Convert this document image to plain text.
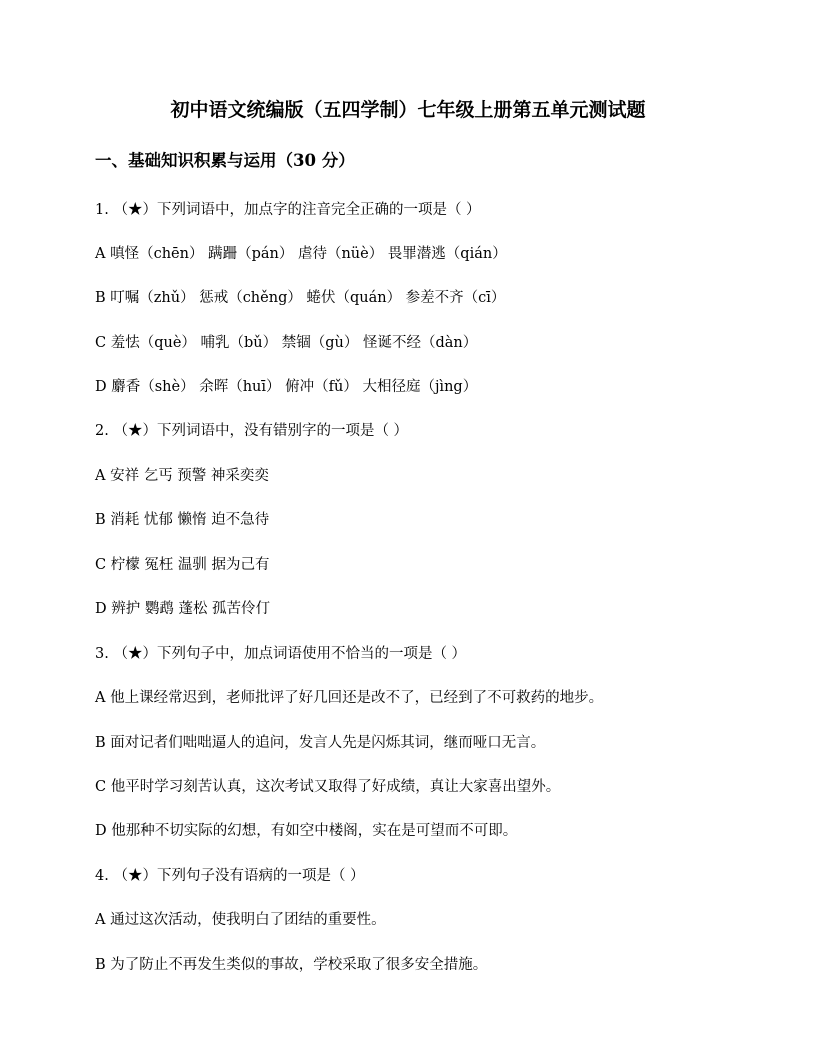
初中语文统编版（五四学制）七年级上册第五单元测试题
一、基础知识积累与运用（30 分）
1. （★）下列词语中，加点字的注音完全正确的一项是（ ）
A 嗔怪（chēn） 蹒跚（pán） 虐待（nüè） 畏罪潜逃（qián）
B 叮嘱（zhǔ） 惩戒（chěng） 蜷伏（quán） 参差不齐（cī）
C 羞怯（què） 哺乳（bǔ） 禁锢（gù） 怪诞不经（dàn）
D 麝香（shè） 余晖（huī） 俯冲（fǔ） 大相径庭（jìng）
2. （★）下列词语中，没有错别字的一项是（ ）
A 安祥 乞丐 预警 神采奕奕
B 消耗 忧郁 懒惰 迫不急待
C 柠檬 冤枉 温驯 据为己有
D 辨护 鹦鹉 蓬松 孤苦伶仃
3. （★）下列句子中，加点词语使用不恰当的一项是（ ）
A 他上课经常迟到，老师批评了好几回还是改不了，已经到了不可救药的地步。
B 面对记者们咄咄逼人的追问，发言人先是闪烁其词，继而哑口无言。
C 他平时学习刻苦认真，这次考试又取得了好成绩，真让大家喜出望外。
D 他那种不切实际的幻想，有如空中楼阁，实在是可望而不可即。
4. （★）下列句子没有语病的一项是（ ）
A 通过这次活动，使我明白了团结的重要性。
B 为了防止不再发生类似的事故，学校采取了很多安全措施。
